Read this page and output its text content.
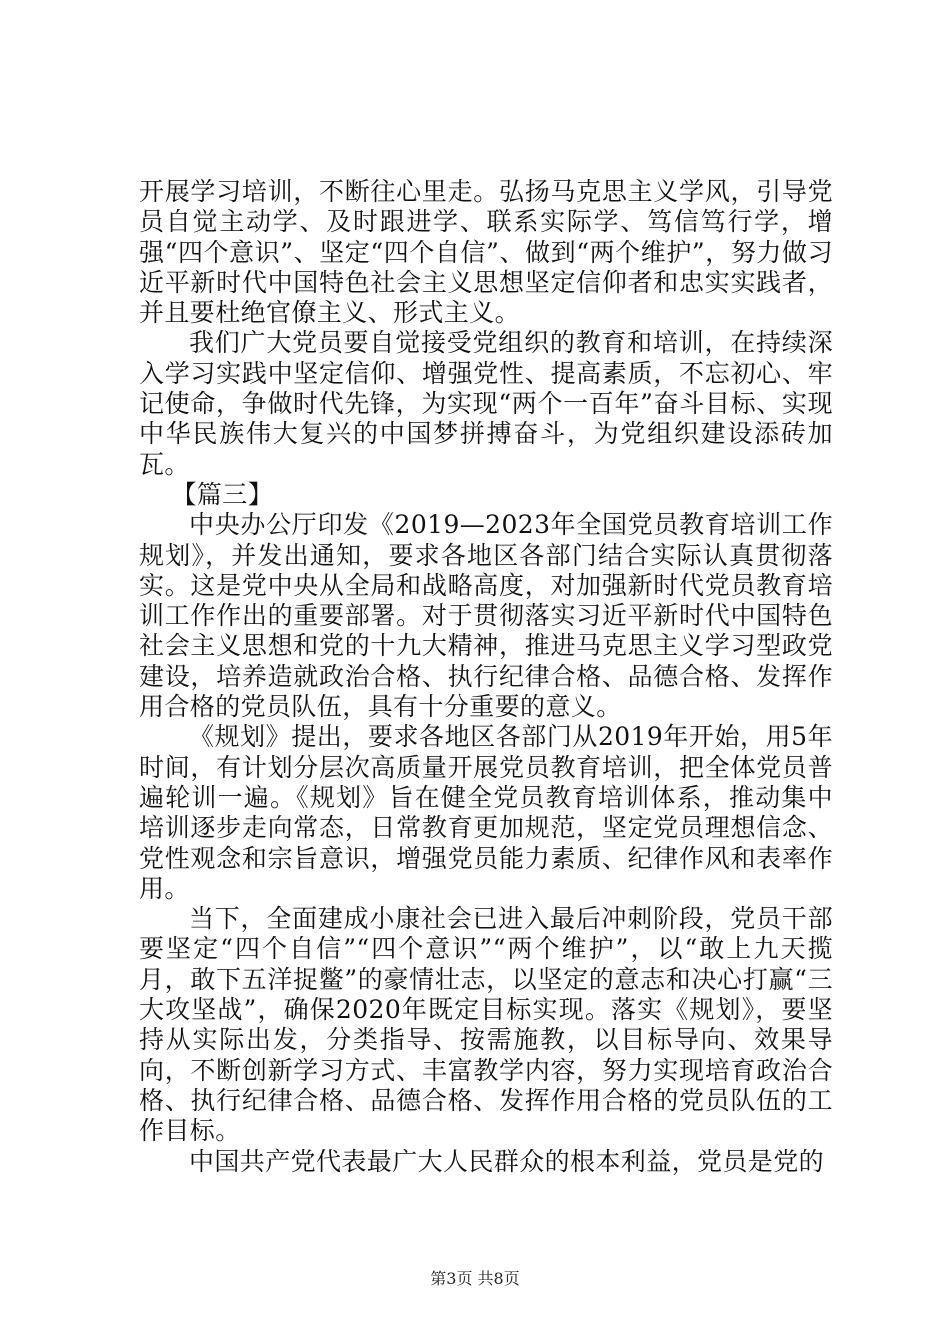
开展学习培训，不断往心里走。弘扬马克思主义学风，引导党员自觉主动学、及时跟进学、联系实际学、笃信笃行学，增强“四个意识”、坚定“四个自信”、做到“两个维护”，努力做习近平新时代中国特色社会主义思想坚定信仰者和忠实实践者，并且要杜绝官僚主义、形式主义。

我们广大党员要自觉接受党组织的教育和培训，在持续深入学习实践中坚定信仰、增强党性、提高素质，不忘初心、牢记使命，争做时代先锋，为实现“两个一百年”奋斗目标、实现中华民族伟大复兴的中国梦拼搏奋斗，为党组织建设添砖加瓦。

【篇三】

中央办公厅印发《2019—2023年全国党员教育培训工作规划》，并发出通知，要求各地区各部门结合实际认真贯彻落实。这是党中央从全局和战略高度，对加强新时代党员教育培训工作作出的重要部署。对于贯彻落实习近平新时代中国特色社会主义思想和党的十九大精神，推进马克思主义学习型政党建设，培养造就政治合格、执行纪律合格、品德合格、发挥作用合格的党员队伍，具有十分重要的意义。

《规划》提出，要求各地区各部门从2019年开始，用5年时间，有计划分层次高质量开展党员教育培训，把全体党员普遍轮训一遍。《规划》旨在健全党员教育培训体系，推动集中培训逐步走向常态，日常教育更加规范，坚定党员理想信念、党性观念和宗旨意识，增强党员能力素质、纪律作风和表率作用。

当下，全面建成小康社会已进入最后冲刺阶段，党员干部要坚定“四个自信”“四个意识”“两个维护”，以“敢上九天揽月，敢下五洋捉鳖”的豪情壮志，以坚定的意志和决心打赢“三大攻坚战”，确保2020年既定目标实现。落实《规划》，要坚持从实际出发，分类指导、按需施教，以目标导向、效果导向，不断创新学习方式、丰富教学内容，努力实现培育政治合格、执行纪律合格、品德合格、发挥作用合格的党员队伍的工作目标。

中国共产党代表最广大人民群众的根本利益，党员是党的

第3页 共8页
